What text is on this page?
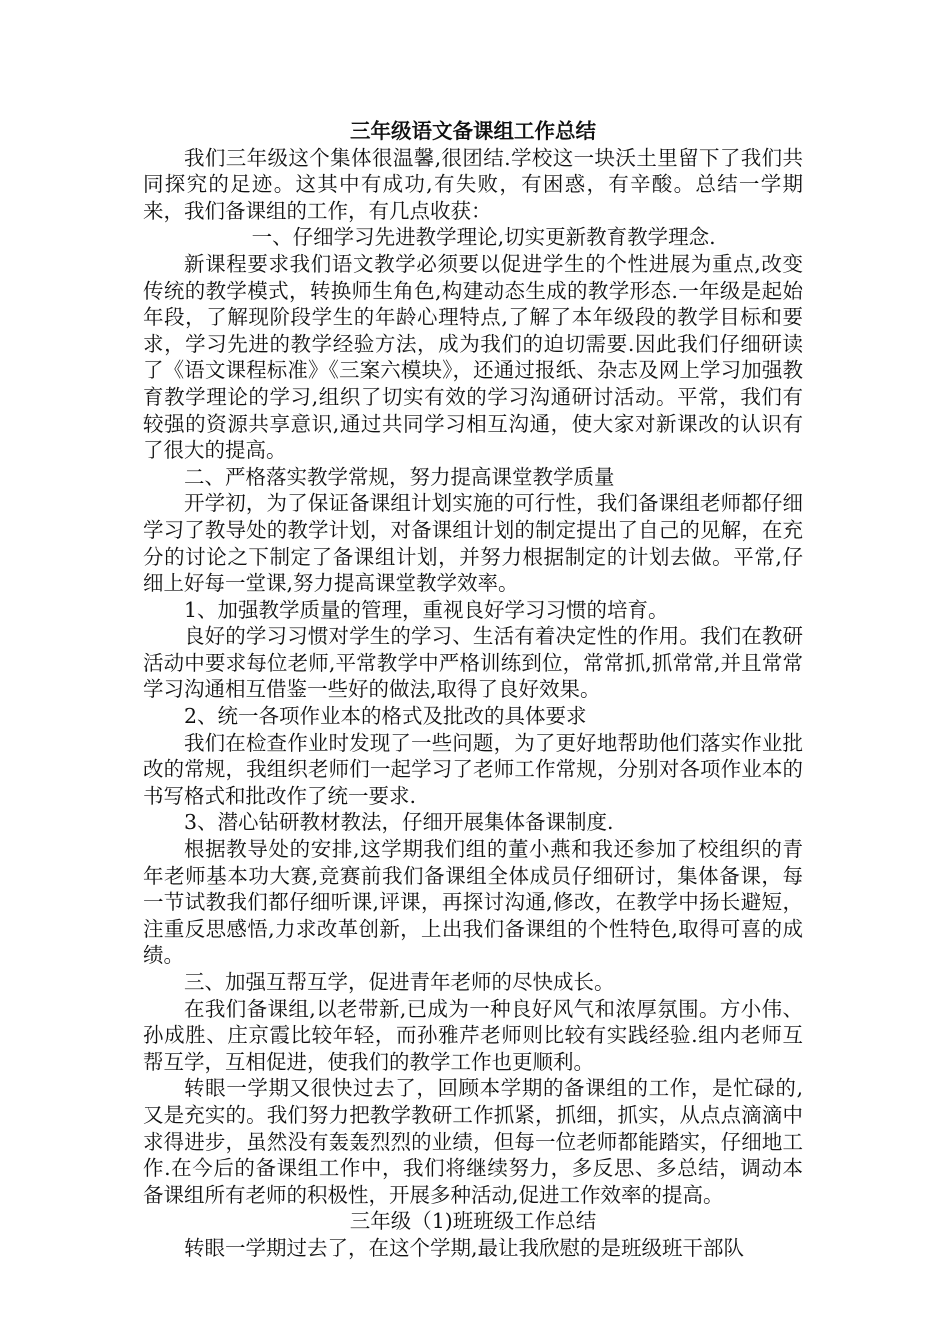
三年级语文备课组工作总结

我们三年级这个集体很温馨,很团结.学校这一块沃土里留下了我们共同探究的足迹。这其中有成功,有失败，有困惑，有辛酸。总结一学期来，我们备课组的工作，有几点收获：

一、仔细学习先进教学理论,切实更新教育教学理念.

新课程要求我们语文教学必须要以促进学生的个性进展为重点,改变传统的教学模式，转换师生角色,构建动态生成的教学形态.一年级是起始年段，了解现阶段学生的年龄心理特点,了解了本年级段的教学目标和要求，学习先进的教学经验方法，成为我们的迫切需要.因此我们仔细研读了《语文课程标准》《三案六模块》，还通过报纸、杂志及网上学习加强教育教学理论的学习,组织了切实有效的学习沟通研讨活动。平常，我们有较强的资源共享意识,通过共同学习相互沟通，使大家对新课改的认识有了很大的提高。

二、严格落实教学常规，努力提高课堂教学质量

开学初，为了保证备课组计划实施的可行性，我们备课组老师都仔细学习了教导处的教学计划，对备课组计划的制定提出了自己的见解，在充分的讨论之下制定了备课组计划，并努力根据制定的计划去做。平常,仔细上好每一堂课,努力提高课堂教学效率。

1、加强教学质量的管理，重视良好学习习惯的培育。

良好的学习习惯对学生的学习、生活有着决定性的作用。我们在教研活动中要求每位老师,平常教学中严格训练到位，常常抓,抓常常,并且常常学习沟通相互借鉴一些好的做法,取得了良好效果。

2、统一各项作业本的格式及批改的具体要求

我们在检查作业时发现了一些问题，为了更好地帮助他们落实作业批改的常规，我组织老师们一起学习了老师工作常规，分别对各项作业本的书写格式和批改作了统一要求.

3、潜心钻研教材教法，仔细开展集体备课制度.

根据教导处的安排,这学期我们组的董小燕和我还参加了校组织的青年老师基本功大赛,竞赛前我们备课组全体成员仔细研讨，集体备课，每一节试教我们都仔细听课,评课，再探讨沟通,修改，在教学中扬长避短，注重反思感悟,力求改革创新，上出我们备课组的个性特色,取得可喜的成绩。

三、加强互帮互学，促进青年老师的尽快成长。

在我们备课组,以老带新,已成为一种良好风气和浓厚氛围。方小伟、孙成胜、庄京霞比较年轻，而孙雅芹老师则比较有实践经验.组内老师互帮互学，互相促进，使我们的教学工作也更顺利。

转眼一学期又很快过去了，回顾本学期的备课组的工作，是忙碌的,又是充实的。我们努力把教学教研工作抓紧，抓细，抓实，从点点滴滴中求得进步，虽然没有轰轰烈烈的业绩，但每一位老师都能踏实，仔细地工作.在今后的备课组工作中，我们将继续努力，多反思、多总结，调动本备课组所有老师的积极性，开展多种活动,促进工作效率的提高。

三年级（1)班班级工作总结

转眼一学期过去了，在这个学期,最让我欣慰的是班级班干部队
